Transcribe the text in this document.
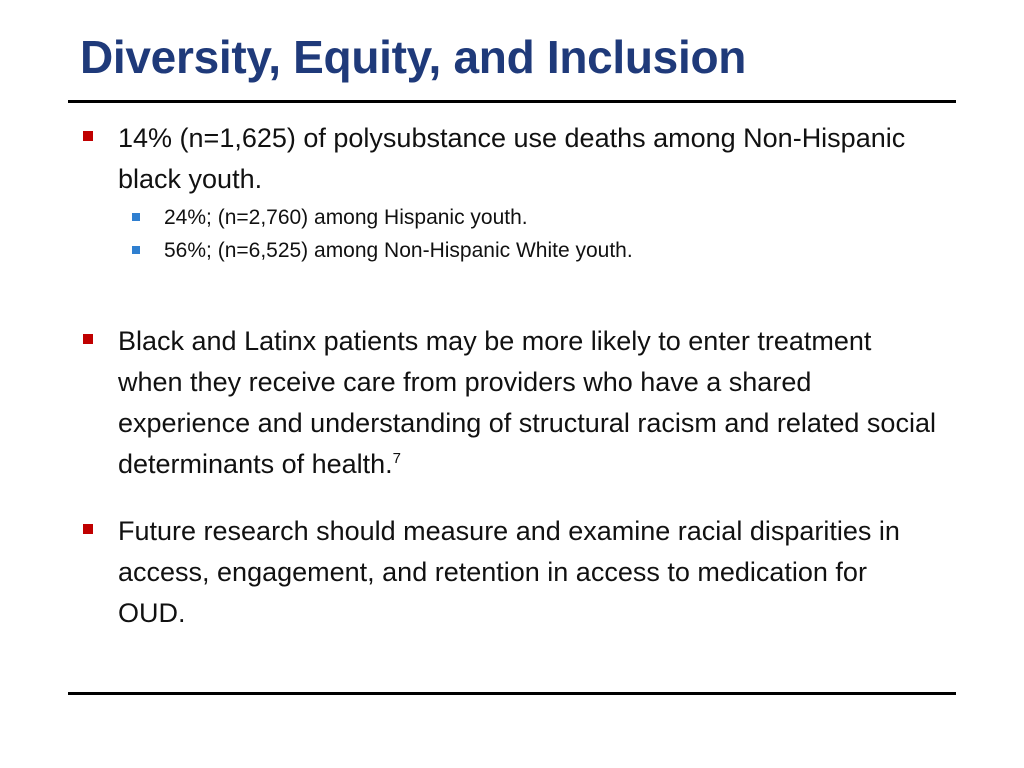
Diversity, Equity, and Inclusion
14% (n=1,625) of polysubstance use deaths among Non-Hispanic black youth.
24%; (n=2,760) among Hispanic youth.
56%; (n=6,525) among Non-Hispanic White youth.
Black and Latinx patients may be more likely to enter treatment when they receive care from providers who have a shared experience and understanding of structural racism and related social determinants of health.$^7$
Future research should measure and examine racial disparities in access, engagement, and retention in access to medication for OUD.
